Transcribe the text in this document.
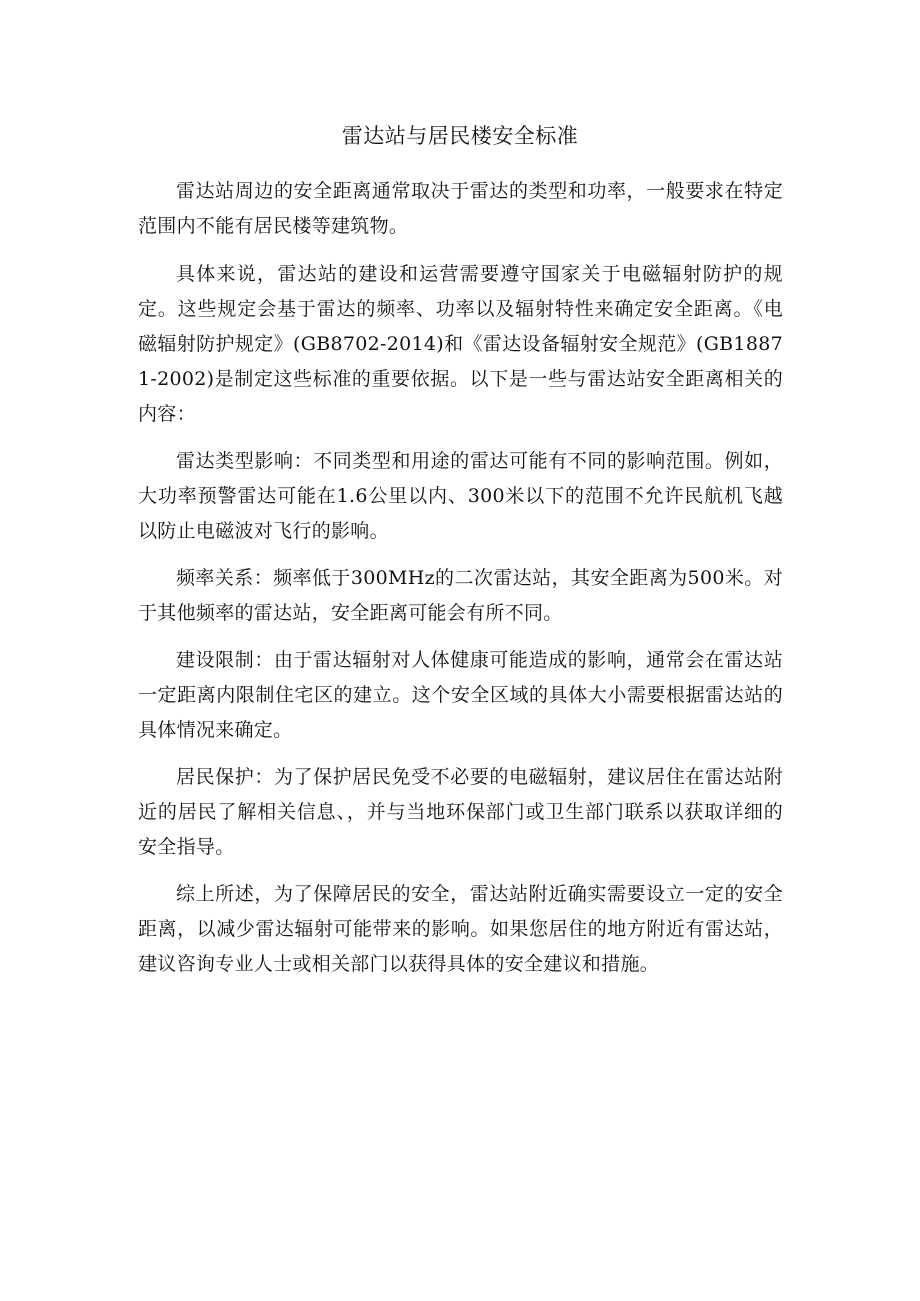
雷达站与居民楼安全标准

雷达站周边的安全距离通常取决于雷达的类型和功率，一般要求在特定范围内不能有居民楼等建筑物。

具体来说，雷达站的建设和运营需要遵守国家关于电磁辐射防护的规定。这些规定会基于雷达的频率、功率以及辐射特性来确定安全距离。《电磁辐射防护规定》(GB8702-2014)和《雷达设备辐射安全规范》(GB18871-2002)是制定这些标准的重要依据。以下是一些与雷达站安全距离相关的内容：

雷达类型影响：不同类型和用途的雷达可能有不同的影响范围。例如，大功率预警雷达可能在1.6公里以内、300米以下的范围不允许民航机飞越以防止电磁波对飞行的影响。

频率关系：频率低于300MHz的二次雷达站，其安全距离为500米。对于其他频率的雷达站，安全距离可能会有所不同。

建设限制：由于雷达辐射对人体健康可能造成的影响，通常会在雷达站一定距离内限制住宅区的建立。这个安全区域的具体大小需要根据雷达站的具体情况来确定。

居民保护：为了保护居民免受不必要的电磁辐射，建议居住在雷达站附近的居民了解相关信息、，并与当地环保部门或卫生部门联系以获取详细的安全指导。

综上所述，为了保障居民的安全，雷达站附近确实需要设立一定的安全距离，以减少雷达辐射可能带来的影响。如果您居住的地方附近有雷达站，建议咨询专业人士或相关部门以获得具体的安全建议和措施。
